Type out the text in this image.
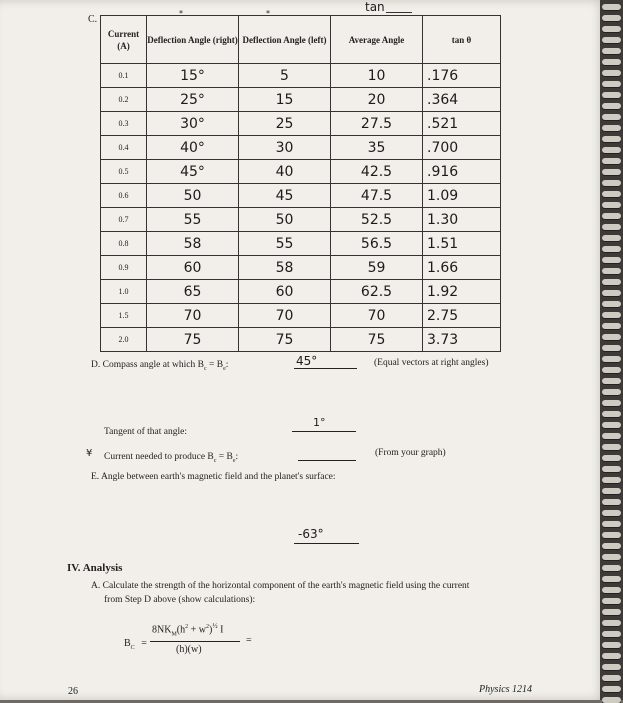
C.
tan
*	*
Current (A)	Deflection Angle (right)	Deflection Angle (left)	Average Angle	tan θ
0.1	15°	5	10	.176
0.2	25°	15	20	.364
0.3	30°	25	27.5	.521
0.4	40°	30	35	.700
0.5	45°	40	42.5	.916
0.6	50	45	47.5	1.09
0.7	55	50	52.5	1.30
0.8	58	55	56.5	1.51
0.9	60	58	59	1.66
1.0	65	60	62.5	1.92
1.5	70	70	70	2.75
2.0	75	75	75	3.73
D. Compass angle at which $B_c = B_e$:	45°	(Equal vectors at right angles)
Tangent of that angle:
1°
¥ Current needed to produce $B_c = B_e$:	(From your graph)
E. Angle between earth's magnetic field and the planet's surface:
-63°
IV. Analysis
A. Calculate the strength of the horizontal component of the earth's magnetic field using the current
from Step D above (show calculations):
$B_C$ =
$8NK_M(h^2 + w^2)^{\frac{1}{2}}$ I
(h)(w)
=
26	Physics 1214
